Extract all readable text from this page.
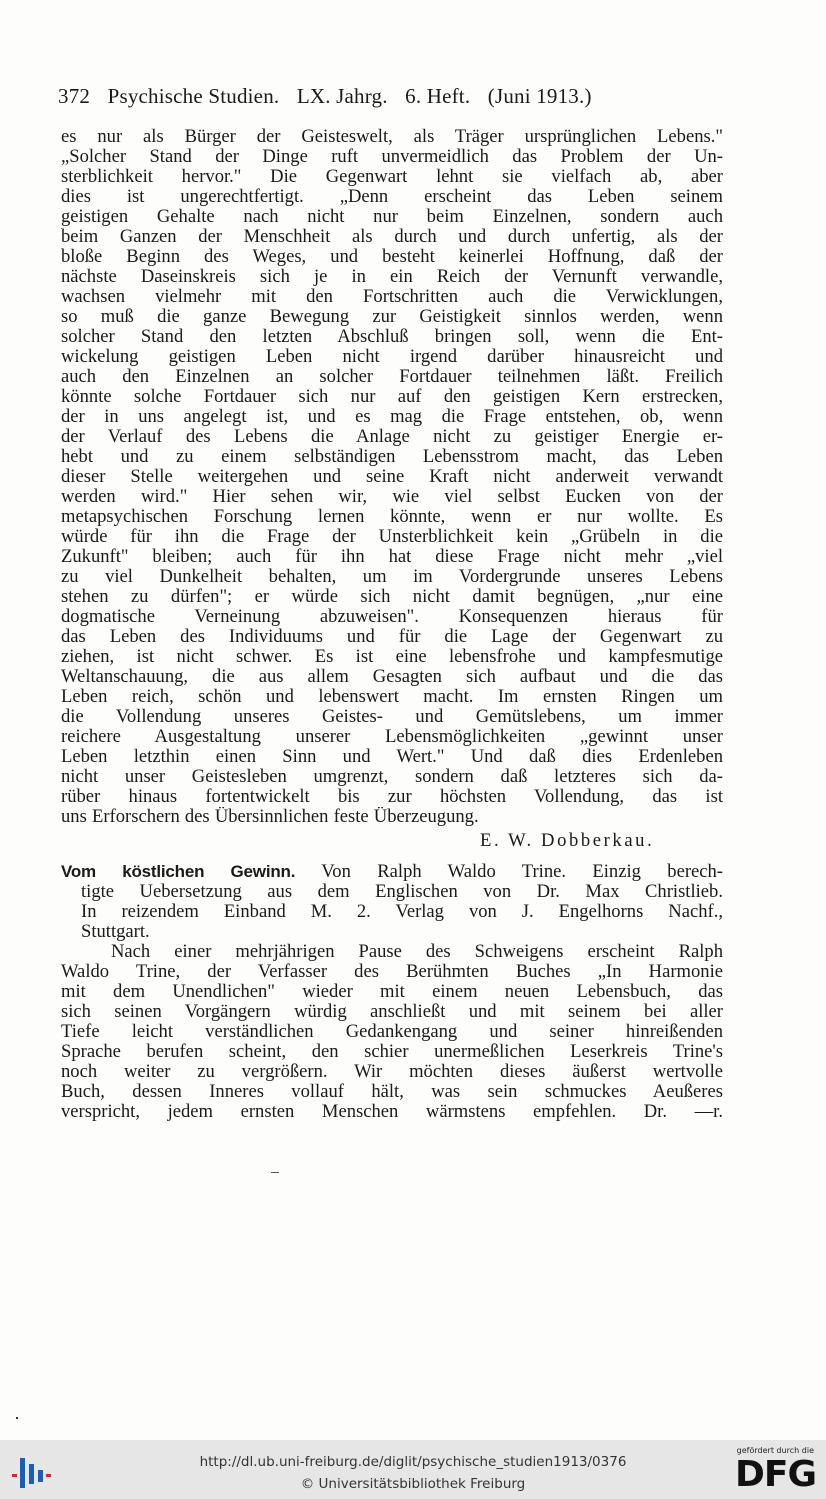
372 Psychische Studien. LX. Jahrg. 6. Heft. (Juni 1913.)
es nur als Bürger der Geisteswelt, als Träger ursprünglichen Lebens."
„Solcher Stand der Dinge ruft unvermeidlich das Problem der Un-
sterblichkeit hervor." Die Gegenwart lehnt sie vielfach ab, aber
dies ist ungerechtfertigt. „Denn erscheint das Leben seinem
geistigen Gehalte nach nicht nur beim Einzelnen, sondern auch
beim Ganzen der Menschheit als durch und durch unfertig, als der
bloße Beginn des Weges, und besteht keinerlei Hoffnung, daß der
nächste Daseinskreis sich je in ein Reich der Vernunft verwandle,
wachsen vielmehr mit den Fortschritten auch die Verwicklungen,
so muß die ganze Bewegung zur Geistigkeit sinnlos werden, wenn
solcher Stand den letzten Abschluß bringen soll, wenn die Ent-
wickelung geistigen Leben nicht irgend darüber hinausreicht und
auch den Einzelnen an solcher Fortdauer teilnehmen läßt. Freilich
könnte solche Fortdauer sich nur auf den geistigen Kern erstrecken,
der in uns angelegt ist, und es mag die Frage entstehen, ob, wenn
der Verlauf des Lebens die Anlage nicht zu geistiger Energie er-
hebt und zu einem selbständigen Lebensstrom macht, das Leben
dieser Stelle weitergehen und seine Kraft nicht anderweit verwandt
werden wird." Hier sehen wir, wie viel selbst Eucken von der
metapsychischen Forschung lernen könnte, wenn er nur wollte. Es
würde für ihn die Frage der Unsterblichkeit kein „Grübeln in die
Zukunft" bleiben; auch für ihn hat diese Frage nicht mehr „viel
zu viel Dunkelheit behalten, um im Vordergrunde unseres Lebens
stehen zu dürfen"; er würde sich nicht damit begnügen, „nur eine
dogmatische Verneinung abzuweisen". Konsequenzen hieraus für
das Leben des Individuums und für die Lage der Gegenwart zu
ziehen, ist nicht schwer. Es ist eine lebensfrohe und kampfesmutige
Weltanschauung, die aus allem Gesagten sich aufbaut und die das
Leben reich, schön und lebenswert macht. Im ernsten Ringen um
die Vollendung unseres Geistes- und Gemütslebens, um immer
reichere Ausgestaltung unserer Lebensmöglichkeiten „gewinnt unser
Leben letzthin einen Sinn und Wert." Und daß dies Erdenleben
nicht unser Geistesleben umgrenzt, sondern daß letzteres sich da-
rüber hinaus fortentwickelt bis zur höchsten Vollendung, das ist
uns Erforschern des Übersinnlichen feste Überzeugung.
E. W. Dobberkau.
Vom köstlichen Gewinn. Von Ralph Waldo Trine. Einzig berech-
tigte Uebersetzung aus dem Englischen von Dr. Max Christlieb.
In reizendem Einband M. 2. Verlag von J. Engelhorns Nachf.,
Stuttgart.
Nach einer mehrjährigen Pause des Schweigens erscheint Ralph
Waldo Trine, der Verfasser des Berühmten Buches „In Harmonie
mit dem Unendlichen" wieder mit einem neuen Lebensbuch, das
sich seinen Vorgängern würdig anschließt und mit seinem bei aller
Tiefe leicht verständlichen Gedankengang und seiner hinreißenden
Sprache berufen scheint, den schier unermeßlichen Leserkreis Trine's
noch weiter zu vergrößern. Wir möchten dieses äußerst wertvolle
Buch, dessen Inneres vollauf hält, was sein schmuckes Aeußeres
verspricht, jedem ernsten Menschen wärmstens empfehlen. Dr. —r.
http://dl.ub.uni-freiburg.de/diglit/psychische_studien1913/0376
© Universitätsbibliothek Freiburg
gefördert durch die
DFG
